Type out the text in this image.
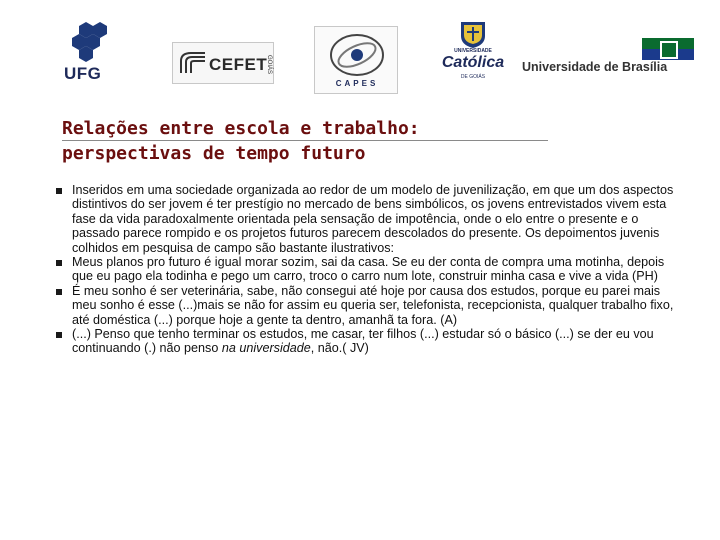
UFG	CEFET
GOIÁS
CAPES
UNIVERSIDADE
Católica
DE GOIÁS
Universidade de Brasília
Relações entre escola e trabalho:
perspectivas de tempo futuro
Inseridos em uma sociedade organizada ao redor de um modelo de juvenilização, em que um dos aspectos distintivos do ser jovem é ter prestígio no mercado de bens simbólicos, os jovens entrevistados vivem esta fase da vida paradoxalmente orientada pela sensação de impotência, onde o elo entre o presente e o passado parece rompido e os projetos futuros parecem descolados do presente. Os depoimentos juvenis colhidos em pesquisa de campo são bastante ilustrativos:
Meus planos pro futuro é igual morar sozim, sai da casa. Se eu der conta de compra uma motinha, depois que eu pago ela todinha e pego um carro, troco o carro num lote, construir minha casa e vive a vida (PH)
É meu sonho é ser veterinária, sabe, não consegui até hoje por causa dos estudos, porque eu parei mais meu sonho é esse (...)mais se não for assim eu queria ser, telefonista, recepcionista, qualquer trabalho fixo, até doméstica (...) porque hoje a gente ta dentro, amanhã ta fora. (A)
(...) Penso que tenho terminar os estudos, me casar, ter filhos (...) estudar só o básico (...) se der eu vou continuando (.) não penso na universidade, não.( JV)
